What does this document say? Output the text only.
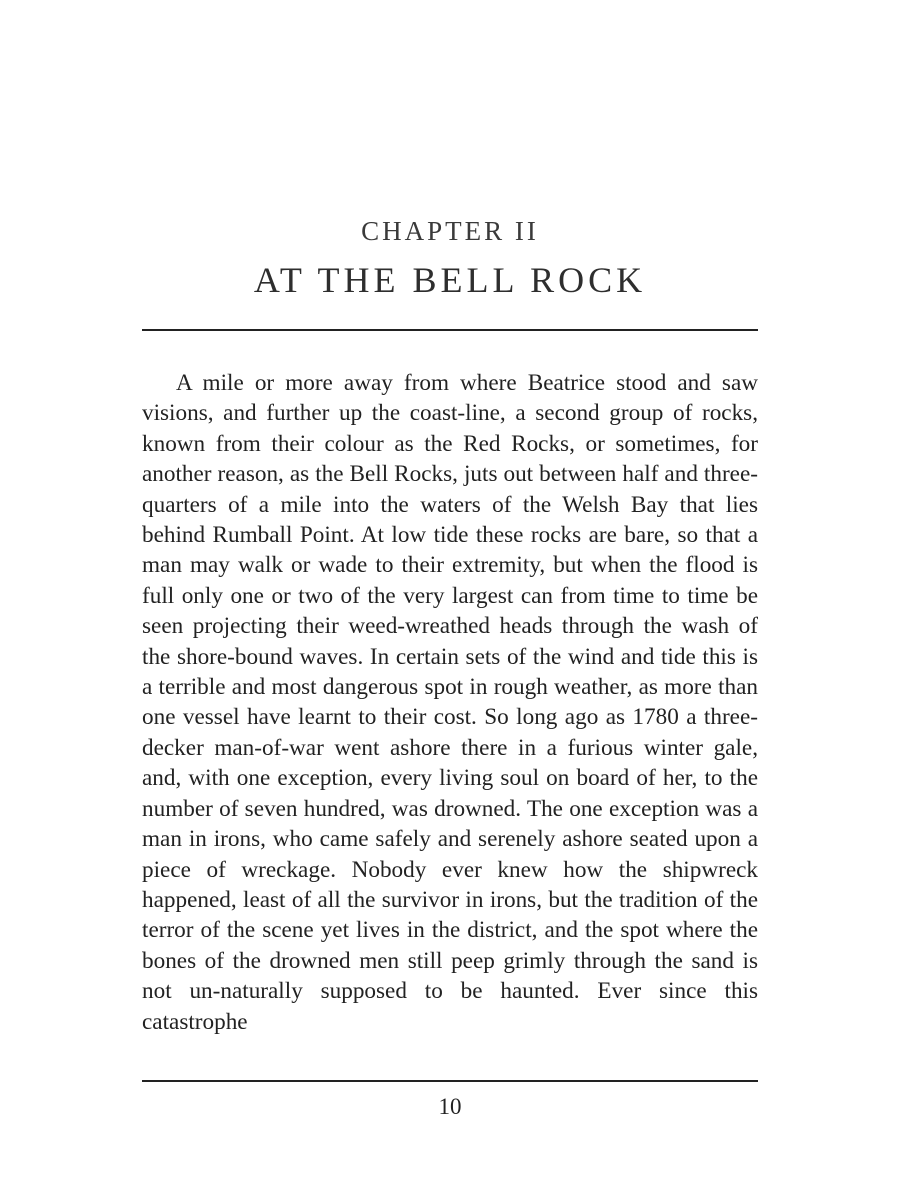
CHAPTER II
AT THE BELL ROCK

A mile or more away from where Beatrice stood and saw visions, and further up the coast-line, a second group of rocks, known from their colour as the Red Rocks, or sometimes, for another reason, as the Bell Rocks, juts out between half and three-quarters of a mile into the waters of the Welsh Bay that lies behind Rumball Point. At low tide these rocks are bare, so that a man may walk or wade to their extremity, but when the flood is full only one or two of the very largest can from time to time be seen projecting their weed-wreathed heads through the wash of the shore-bound waves. In certain sets of the wind and tide this is a terrible and most dangerous spot in rough weather, as more than one vessel have learnt to their cost. So long ago as 1780 a three-decker man-of-war went ashore there in a furious winter gale, and, with one exception, every living soul on board of her, to the number of seven hundred, was drowned. The one exception was a man in irons, who came safely and serenely ashore seated upon a piece of wreckage. Nobody ever knew how the shipwreck happened, least of all the survivor in irons, but the tradition of the terror of the scene yet lives in the district, and the spot where the bones of the drowned men still peep grimly through the sand is not un-naturally supposed to be haunted. Ever since this catastrophe

10
